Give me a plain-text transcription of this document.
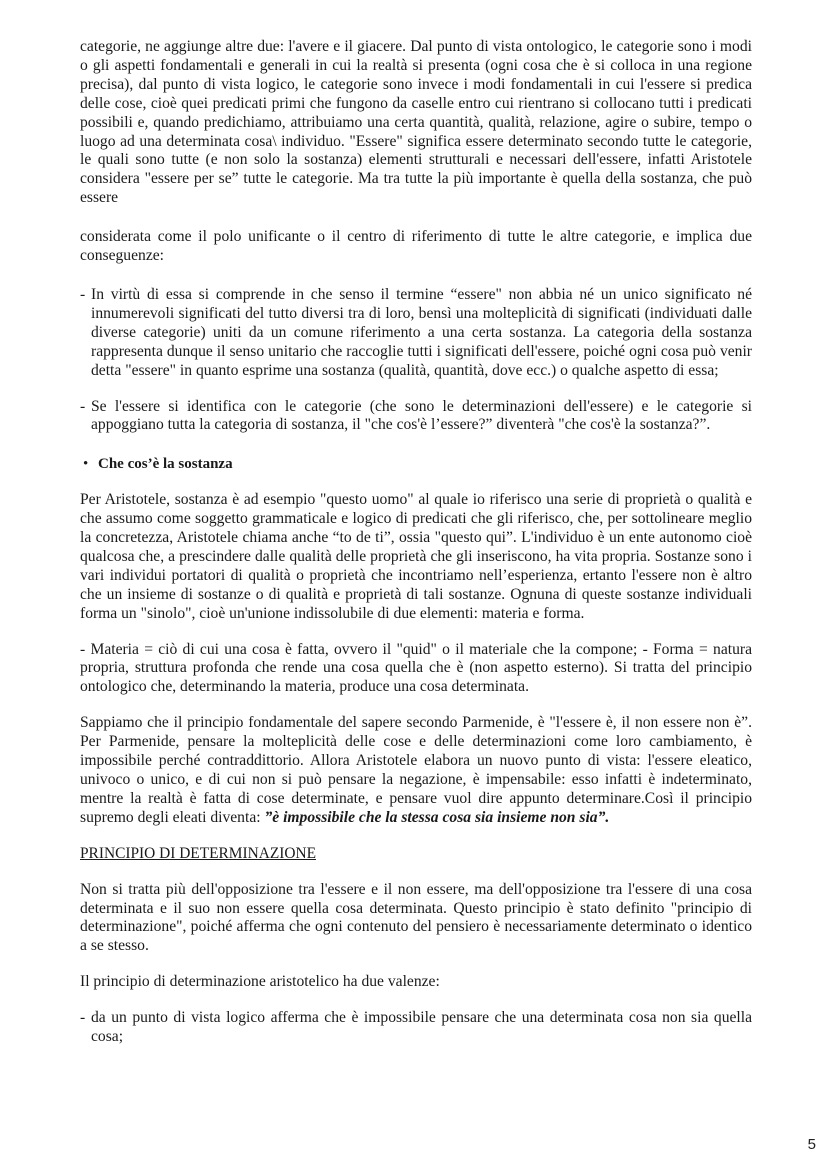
categorie, ne aggiunge altre due: l'avere e il giacere. Dal punto di vista ontologico, le categorie sono i modi o gli aspetti fondamentali e generali in cui la realtà si presenta (ogni cosa che è si colloca in una regione precisa), dal punto di vista logico, le categorie sono invece i modi fondamentali in cui l'essere si predica delle cose, cioè quei predicati primi che fungono da caselle entro cui rientrano si collocano tutti i predicati possibili e, quando predichiamo, attribuiamo una certa quantità, qualità, relazione, agire o subire, tempo o luogo ad una determinata cosa\ individuo. "Essere" significa essere determinato secondo tutte le categorie, le quali sono tutte (e non solo la sostanza) elementi strutturali e necessari dell'essere, infatti Aristotele considera "essere per se” tutte le categorie. Ma tra tutte la più importante è quella della sostanza, che può essere

considerata come il polo unificante o il centro di riferimento di tutte le altre categorie, e implica due conseguenze:

- In virtù di essa si comprende in che senso il termine “essere" non abbia né un unico significato né innumerevoli significati del tutto diversi tra di loro, bensì una molteplicità di significati (individuati dalle diverse categorie) uniti da un comune riferimento a una certa sostanza. La categoria della sostanza rappresenta dunque il senso unitario che raccoglie tutti i significati dell'essere, poiché ogni cosa può venir detta "essere" in quanto esprime una sostanza (qualità, quantità, dove ecc.) o qualche aspetto di essa;
- Se l'essere si identifica con le categorie (che sono le determinazioni dell'essere) e le categorie si appoggiano tutta la categoria di sostanza, il "che cos'è l’essere?” diventerà "che cos'è la sostanza?”.
• Che cos’è la sostanza

Per Aristotele, sostanza è ad esempio "questo uomo" al quale io riferisco una serie di proprietà o qualità e che assumo come soggetto grammaticale e logico di predicati che gli riferisco, che, per sottolineare meglio la concretezza, Aristotele chiama anche “to de ti”, ossia "questo qui”. L'individuo è un ente autonomo cioè qualcosa che, a prescindere dalle qualità delle proprietà che gli inseriscono, ha vita propria. Sostanze sono i vari individui portatori di qualità o proprietà che incontriamo nell’esperienza, ertanto l'essere non è altro che un insieme di sostanze o di qualità e proprietà di tali sostanze. Ognuna di queste sostanze individuali forma un "sinolo", cioè un'unione indissolubile di due elementi: materia e forma.

- Materia = ciò di cui una cosa è fatta, ovvero il "quid" o il materiale che la compone; - Forma = natura propria, struttura profonda che rende una cosa quella che è (non aspetto esterno). Si tratta del principio ontologico che, determinando la materia, produce una cosa determinata.

Sappiamo che il principio fondamentale del sapere secondo Parmenide, è "l'essere è, il non essere non è”. Per Parmenide, pensare la molteplicità delle cose e delle determinazioni come loro cambiamento, è impossibile perché contraddittorio. Allora Aristotele elabora un nuovo punto di vista: l'essere eleatico, univoco o unico, e di cui non si può pensare la negazione, è impensabile: esso infatti è indeterminato, mentre la realtà è fatta di cose determinate, e pensare vuol dire appunto determinare.Così il principio supremo degli eleati diventa: ”è impossibile che la stessa cosa sia insieme non sia”.

PRINCIPIO DI DETERMINAZIONE

Non si tratta più dell'opposizione tra l'essere e il non essere, ma dell'opposizione tra l'essere di una cosa determinata e il suo non essere quella cosa determinata. Questo principio è stato definito "principio di determinazione", poiché afferma che ogni contenuto del pensiero è necessariamente determinato o identico a se stesso.

Il principio di determinazione aristotelico ha due valenze:

- da un punto di vista logico afferma che è impossibile pensare che una determinata cosa non sia quella cosa;
5
